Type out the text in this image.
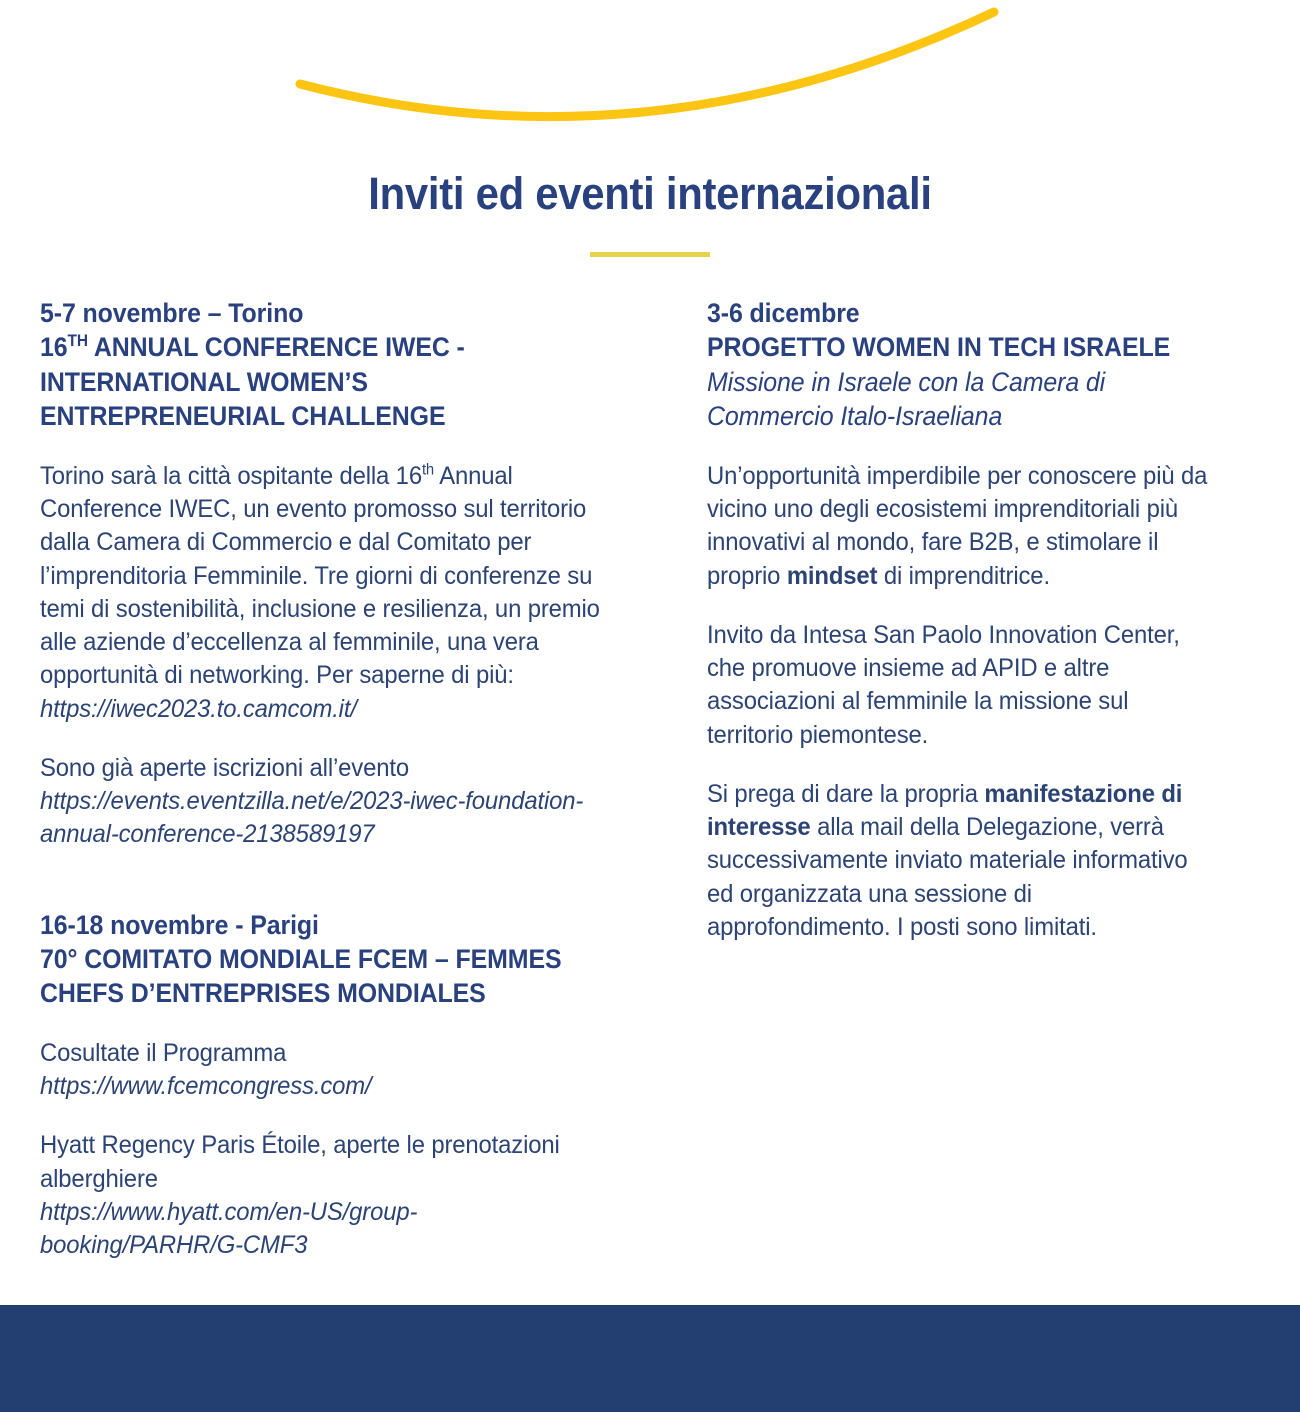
Inviti ed eventi internazionali
5-7 novembre – Torino
16TH ANNUAL CONFERENCE IWEC - INTERNATIONAL WOMEN’S ENTREPRENEURIAL CHALLENGE
Torino sarà la città ospitante della 16th Annual Conference IWEC, un evento promosso sul territorio dalla Camera di Commercio e dal Comitato per l’imprenditoria Femminile. Tre giorni di conferenze su temi di sostenibilità, inclusione e resilienza, un premio alle aziende d’eccellenza al femminile, una vera opportunità di networking. Per saperne di più:
https://iwec2023.to.camcom.it/
Sono già aperte iscrizioni all’evento
https://events.eventzilla.net/e/2023-iwec-foundation-annual-conference-2138589197
16-18 novembre - Parigi
70° COMITATO MONDIALE FCEM – FEMMES CHEFS D’ENTREPRISES MONDIALES
Cosultate il Programma
https://www.fcemcongress.com/
Hyatt Regency Paris Étoile, aperte le prenotazioni alberghiere
https://www.hyatt.com/en-US/group-booking/PARHR/G-CMF3
3-6 dicembre
PROGETTO WOMEN IN TECH ISRAELE
Missione in Israele con la Camera di Commercio Italo-Israeliana
Un’opportunità imperdibile per conoscere più da vicino uno degli ecosistemi imprenditoriali più innovativi al mondo, fare B2B, e stimolare il proprio mindset di imprenditrice.
Invito da Intesa San Paolo Innovation Center, che promuove insieme ad APID e altre associazioni al femminile la missione sul territorio piemontese.
Si prega di dare la propria manifestazione di interesse alla mail della Delegazione, verrà successivamente inviato materiale informativo ed organizzata una sessione di approfondimento. I posti sono limitati.
